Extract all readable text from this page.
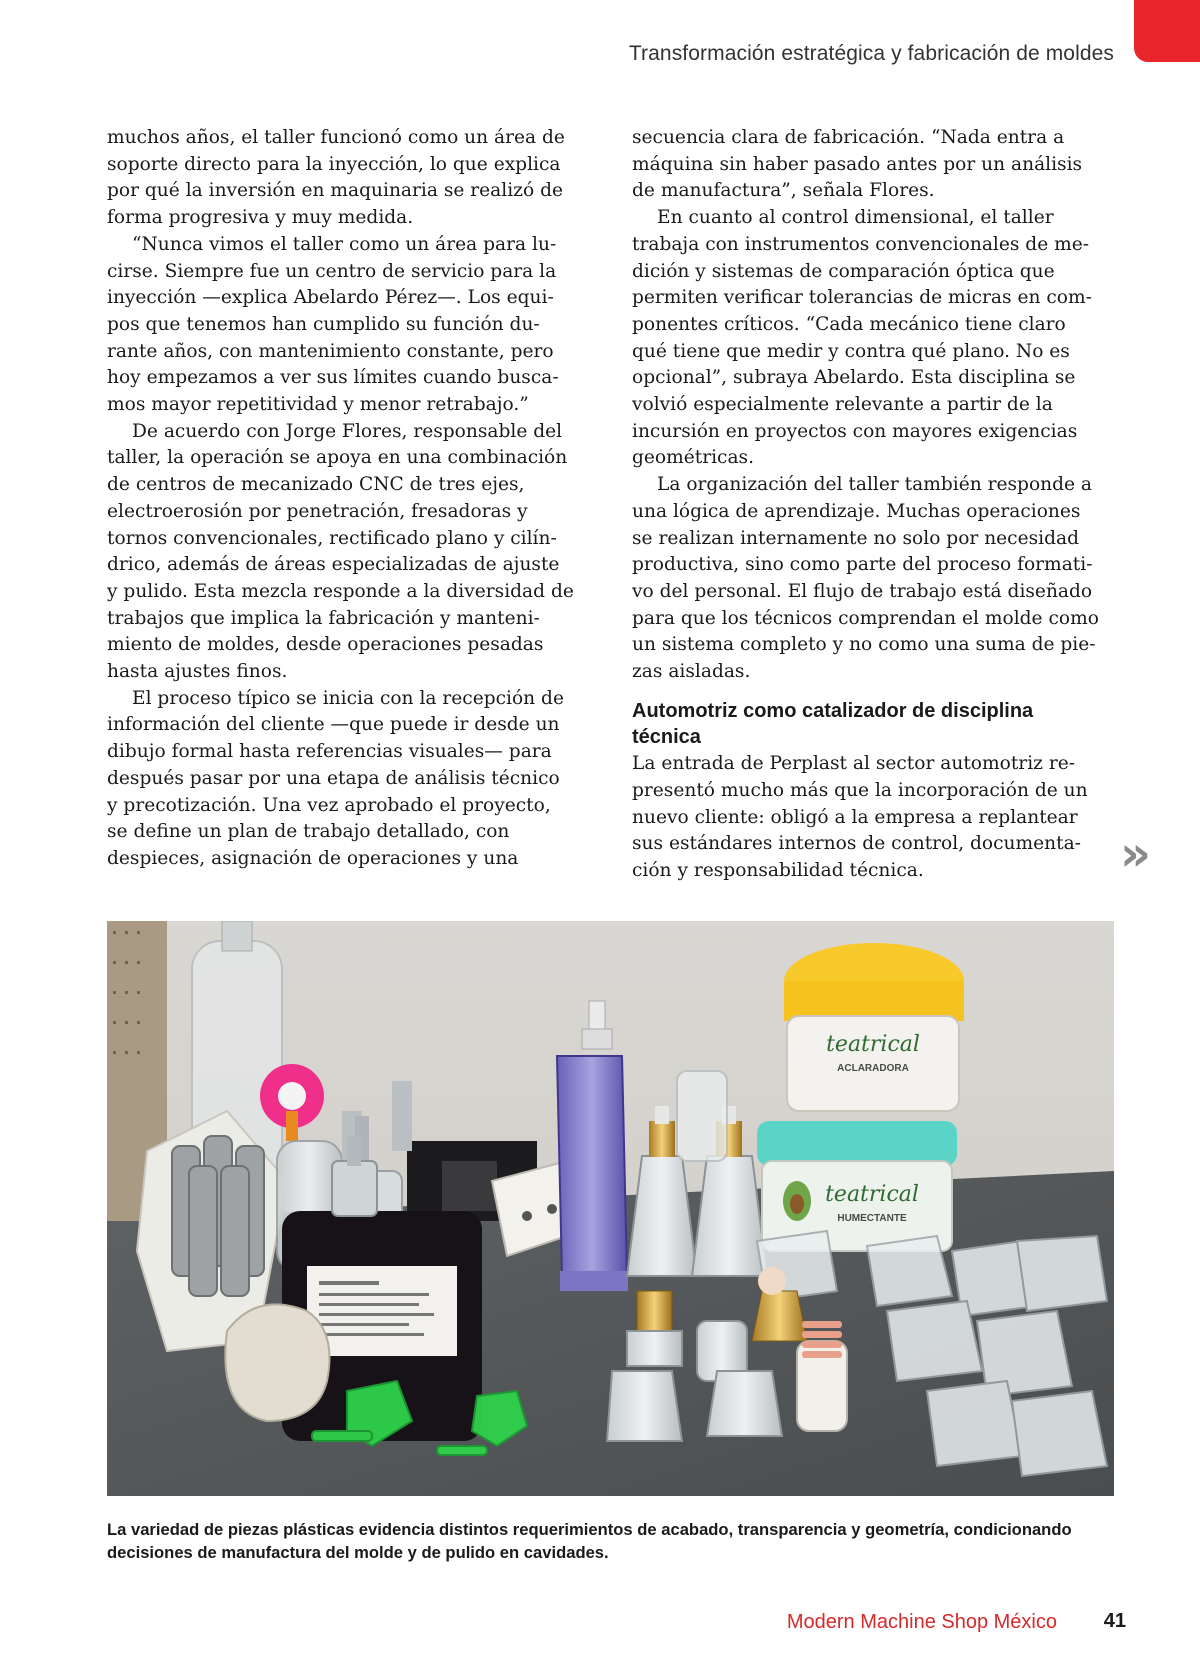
Transformación estratégica y fabricación de moldes

muchos años, el taller funcionó como un área de soporte directo para la inyección, lo que explica por qué la inversión en maquinaria se realizó de forma progresiva y muy medida.

“Nunca vimos el taller como un área para lucirse. Siempre fue un centro de servicio para la inyección —explica Abelardo Pérez—. Los equipos que tenemos han cumplido su función durante años, con mantenimiento constante, pero hoy empezamos a ver sus límites cuando buscamos mayor repetitividad y menor retrabajo.”

De acuerdo con Jorge Flores, responsable del taller, la operación se apoya en una combinación de centros de mecanizado CNC de tres ejes, electroerosión por penetración, fresadoras y tornos convencionales, rectificado plano y cilíndrico, además de áreas especializadas de ajuste y pulido. Esta mezcla responde a la diversidad de trabajos que implica la fabricación y mantenimiento de moldes, desde operaciones pesadas hasta ajustes finos.

El proceso típico se inicia con la recepción de información del cliente —que puede ir desde un dibujo formal hasta referencias visuales— para después pasar por una etapa de análisis técnico y precotización. Una vez aprobado el proyecto, se define un plan de trabajo detallado, con despieces, asignación de operaciones y una

secuencia clara de fabricación. “Nada entra a máquina sin haber pasado antes por un análisis de manufactura”, señala Flores.

En cuanto al control dimensional, el taller trabaja con instrumentos convencionales de medición y sistemas de comparación óptica que permiten verificar tolerancias de micras en componentes críticos. “Cada mecánico tiene claro qué tiene que medir y contra qué plano. No es opcional”, subraya Abelardo. Esta disciplina se volvió especialmente relevante a partir de la incursión en proyectos con mayores exigencias geométricas.

La organización del taller también responde a una lógica de aprendizaje. Muchas operaciones se realizan internamente no solo por necesidad productiva, sino como parte del proceso formativo del personal. El flujo de trabajo está diseñado para que los técnicos comprendan el molde como un sistema completo y no como una suma de piezas aisladas.

Automotriz como catalizador de disciplina técnica

La entrada de Perplast al sector automotriz representó mucho más que la incorporación de un nuevo cliente: obligó a la empresa a replantear sus estándares internos de control, documentación y responsabilidad técnica.	»
teatrical
ACLARADORA
teatrical
HUMECTANTE
La variedad de piezas plásticas evidencia distintos requerimientos de acabado, transparencia y geometría, condicionando decisiones de manufactura del molde y de pulido en cavidades.
Modern Machine Shop México 41
